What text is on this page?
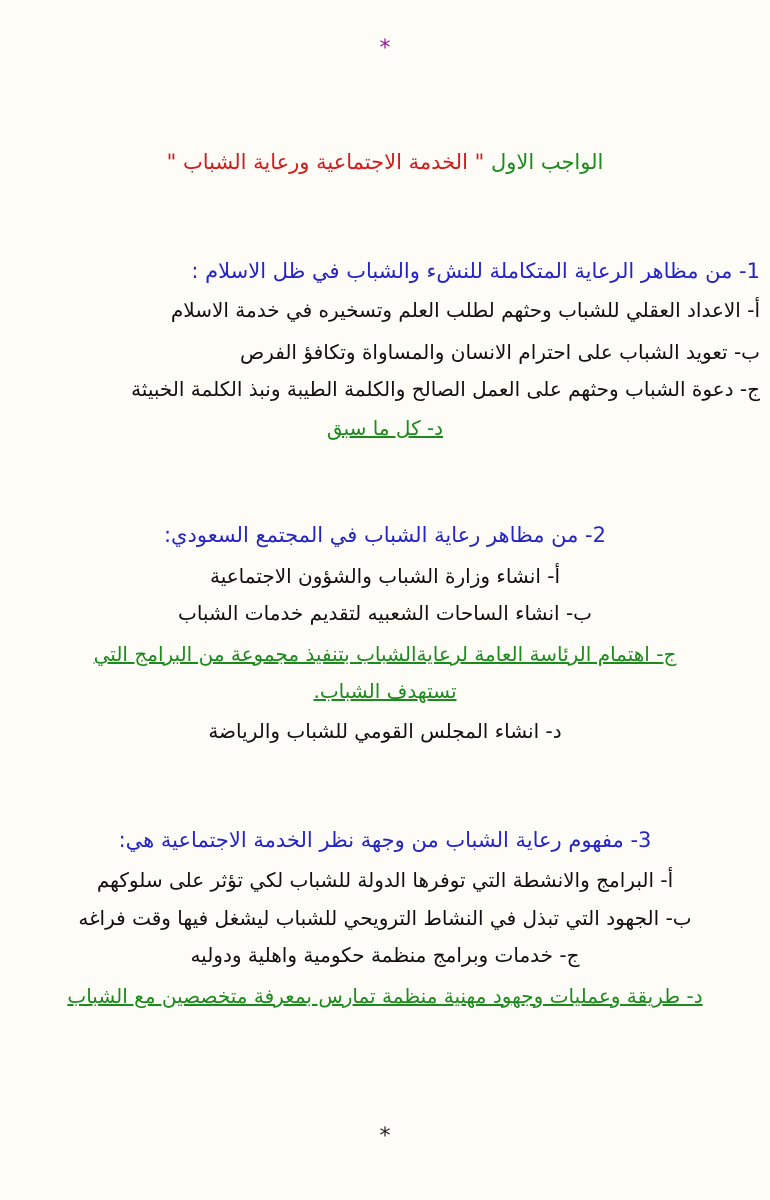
*
الواجب الاول " الخدمة الاجتماعية ورعاية الشباب "
1- من مظاهر الرعاية المتكاملة للنشء والشباب في ظل الاسلام :
أ- الاعداد العقلي للشباب وحثهم لطلب العلم وتسخيره في خدمة الاسلام
ب- تعويد الشباب على احترام الانسان والمساواة وتكافؤ الفرص
ج- دعوة الشباب وحثهم على العمل الصالح والكلمة الطيبة ونبذ الكلمة الخبيثة
د- كل ما سبق
2- من مظاهر رعاية الشباب في المجتمع السعودي:
أ- انشاء وزارة الشباب والشؤون الاجتماعية
ب- انشاء الساحات الشعبيه لتقديم خدمات الشباب
ج- اهتمام الرئاسة العامة لرعايةالشباب بتنفيذ مجموعة من البرامج التي
تستهدف الشباب.
د- انشاء المجلس القومي للشباب والرياضة
3- مفهوم رعاية الشباب من وجهة نظر الخدمة الاجتماعية هي:
أ- البرامج والانشطة التي توفرها الدولة للشباب لكي تؤثر على سلوكهم
ب- الجهود التي تبذل في النشاط الترويحي للشباب ليشغل فيها وقت فراغه
ج- خدمات وبرامج منظمة حكومية واهلية ودوليه
د- طريقة وعمليات وجهود مهنية منظمة تمارس بمعرفة متخصصين مع الشباب
*
